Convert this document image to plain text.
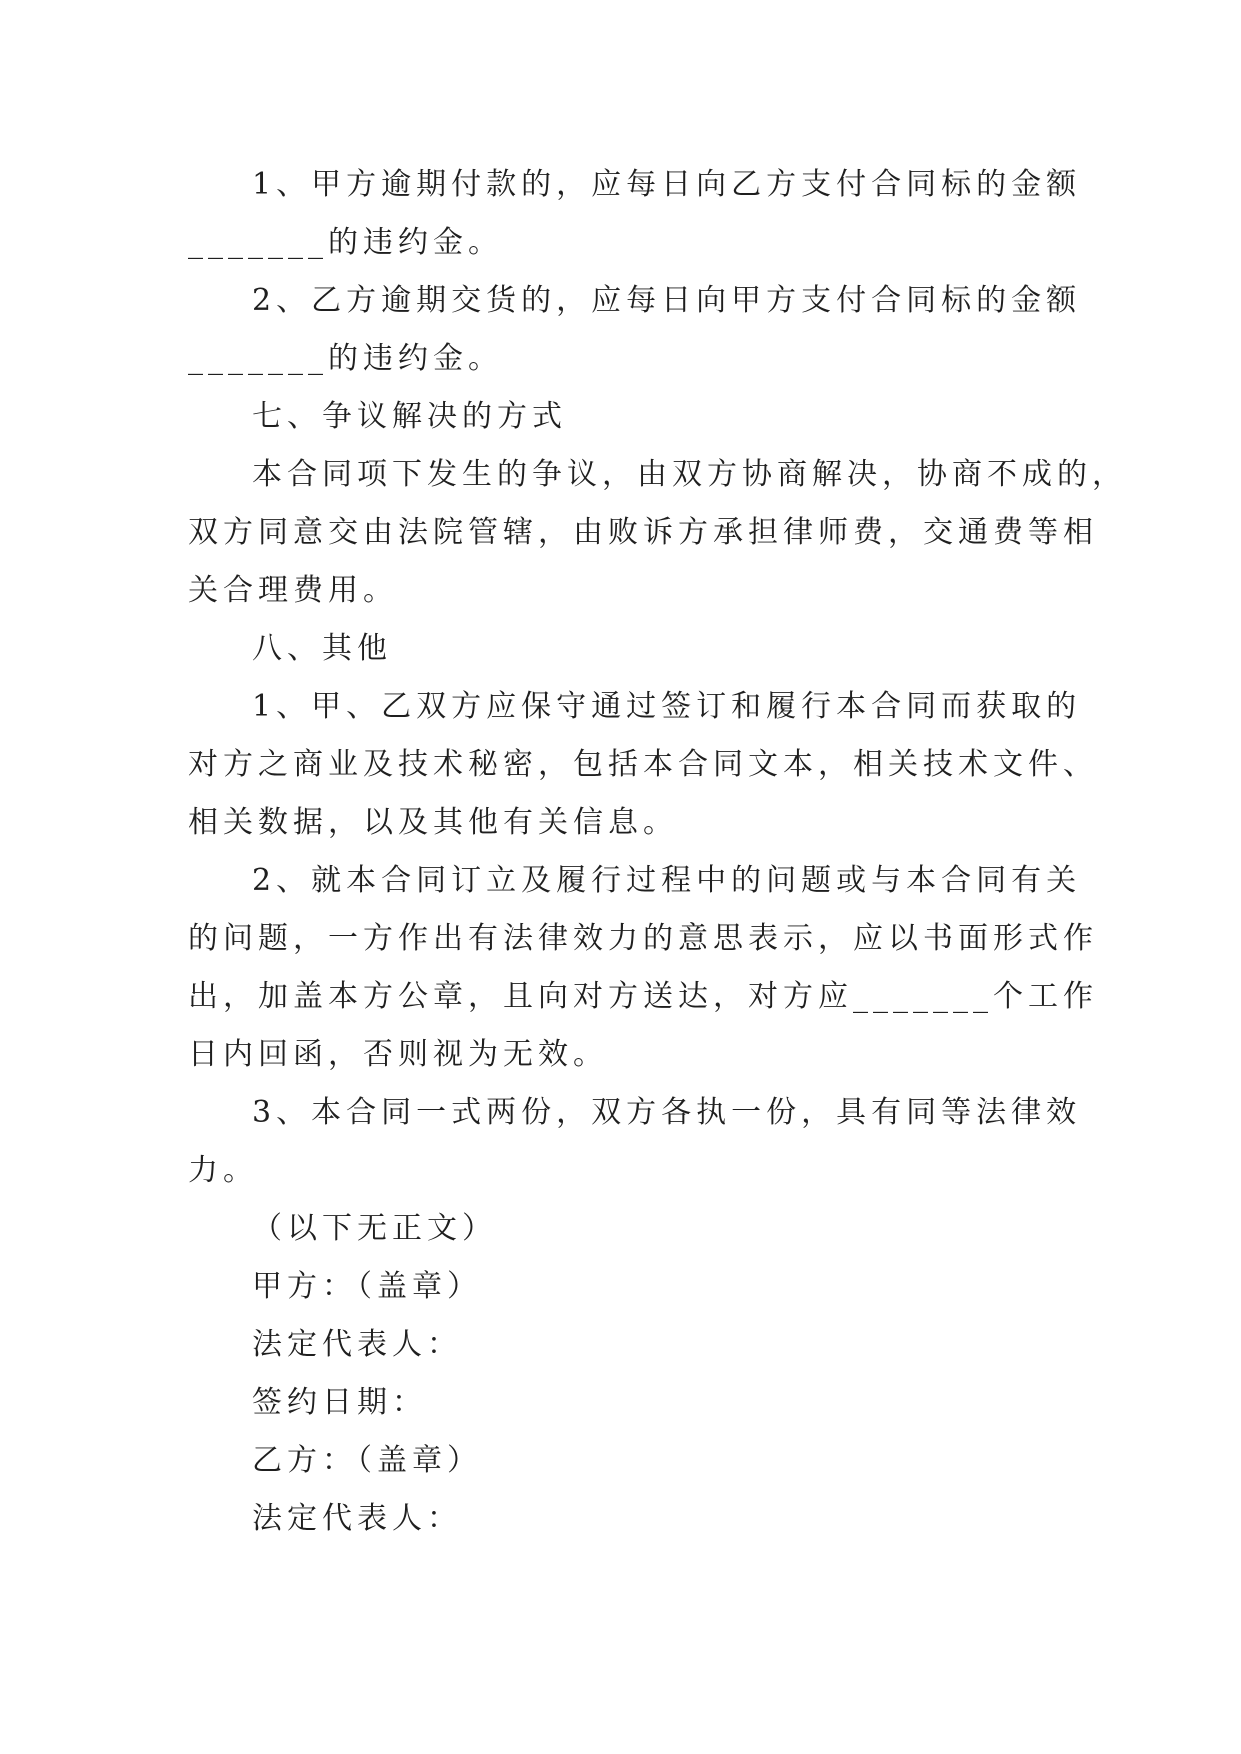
1、甲方逾期付款的，应每日向乙方支付合同标的金额
_______的违约金。
2、乙方逾期交货的，应每日向甲方支付合同标的金额
_______的违约金。
七、争议解决的方式
本合同项下发生的争议，由双方协商解决，协商不成的，
双方同意交由法院管辖，由败诉方承担律师费，交通费等相
关合理费用。
八、其他
1、甲、乙双方应保守通过签订和履行本合同而获取的
对方之商业及技术秘密，包括本合同文本，相关技术文件、
相关数据，以及其他有关信息。
2、就本合同订立及履行过程中的问题或与本合同有关
的问题，一方作出有法律效力的意思表示，应以书面形式作
出，加盖本方公章，且向对方送达，对方应_______个工作
日内回函，否则视为无效。
3、本合同一式两份，双方各执一份，具有同等法律效
力。
（以下无正文）
甲方：（盖章）
法定代表人：
签约日期：
乙方：（盖章）
法定代表人：
